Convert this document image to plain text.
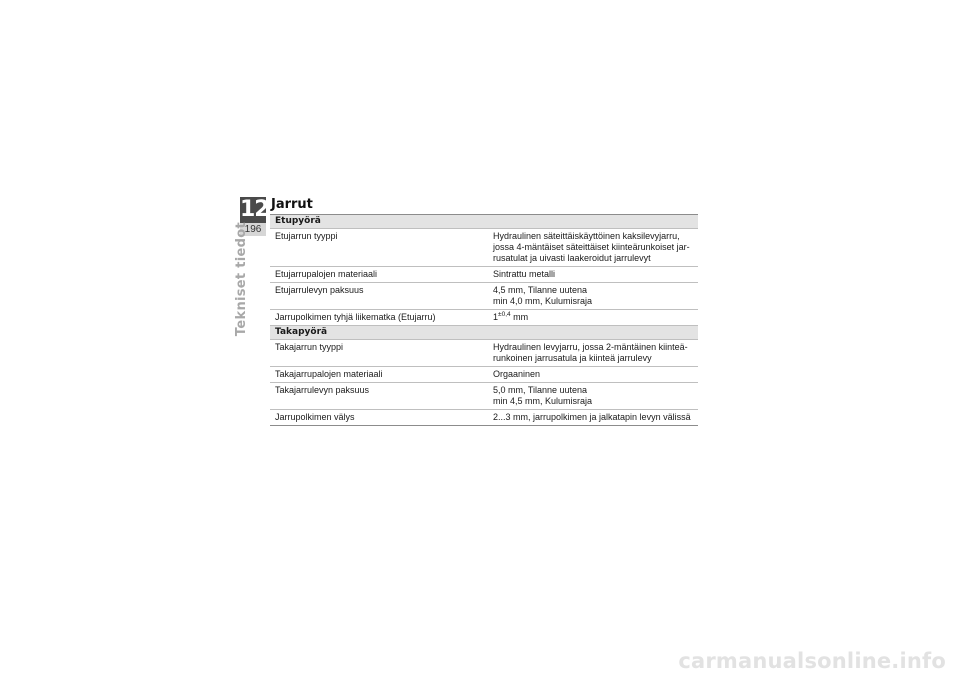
12
196
Tekniset tiedot
Jarrut
Etupyörä
Etujarrun tyyppi	Hydraulinen säteittäiskäyttöinen kaksilevyjarru,
jossa 4-mäntäiset säteittäiset kiinteärunkoiset jar-
rusatulat ja uivasti laakeroidut jarrulevyt
Etujarrupalojen materiaali	Sintrattu metalli
Etujarrulevyn paksuus	4,5 mm, Tilanne uutena
min 4,0 mm, Kulumisraja
Jarrupolkimen tyhjä liikematka (Etujarru)	$1^{\pm 0,4}$ mm
Takapyörä
Takajarrun tyyppi	Hydraulinen levyjarru, jossa 2-mäntäinen kiinteä-
runkoinen jarrusatula ja kiinteä jarrulevy
Takajarrupalojen materiaali	Orgaaninen
Takajarrulevyn paksuus	5,0 mm, Tilanne uutena
min 4,5 mm, Kulumisraja
Jarrupolkimen välys	2...3 mm, jarrupolkimen ja jalkatapin levyn välissä
carmanualsonline.info
